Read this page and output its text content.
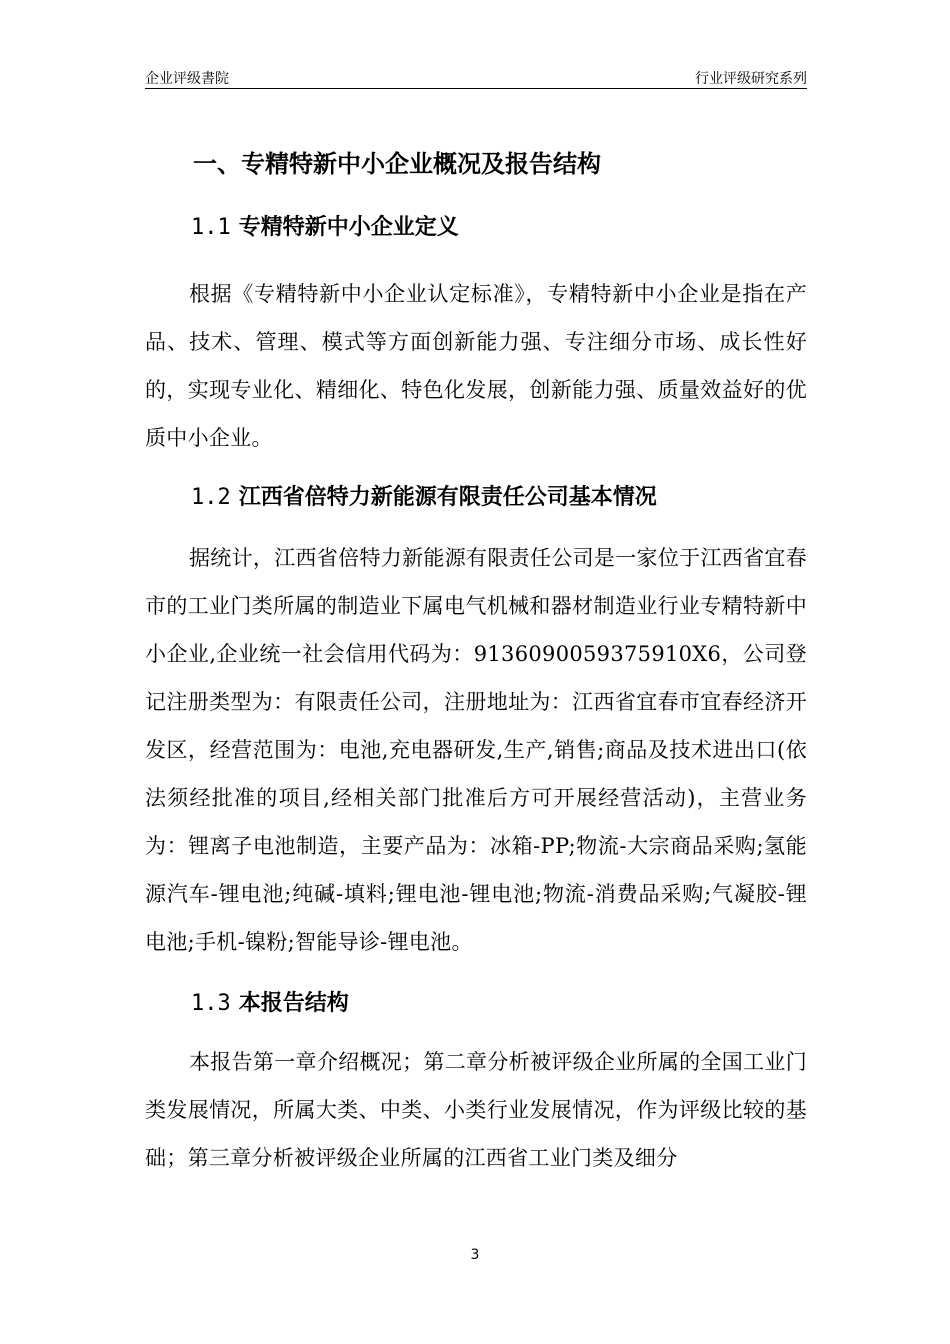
企业评级書院	行业评级研究系列
一、专精特新中小企业概况及报告结构
1.1 专精特新中小企业定义

根据《专精特新中小企业认定标准》，专精特新中小企业是指在产品、技术、管理、模式等方面创新能力强、专注细分市场、成长性好的，实现专业化、精细化、特色化发展，创新能力强、质量效益好的优质中小企业。

1.2 江西省倍特力新能源有限责任公司基本情况

据统计，江西省倍特力新能源有限责任公司是一家位于江西省宜春市的工业门类所属的制造业下属电气机械和器材制造业行业专精特新中小企业,企业统一社会信用代码为：9136090059375910X6，公司登记注册类型为：有限责任公司，注册地址为：江西省宜春市宜春经济开发区，经营范围为：电池,充电器研发,生产,销售;商品及技术进出口(依法须经批准的项目,经相关部门批准后方可开展经营活动)，主营业务为：锂离子电池制造，主要产品为：冰箱-PP;物流-大宗商品采购;氢能源汽车-锂电池;纯碱-填料;锂电池-锂电池;物流-消费品采购;气凝胶-锂电池;手机-镍粉;智能导诊-锂电池。

1.3 本报告结构

本报告第一章介绍概况；第二章分析被评级企业所属的全国工业门类发展情况，所属大类、中类、小类行业发展情况，作为评级比较的基础；第三章分析被评级企业所属的江西省工业门类及细分

3
